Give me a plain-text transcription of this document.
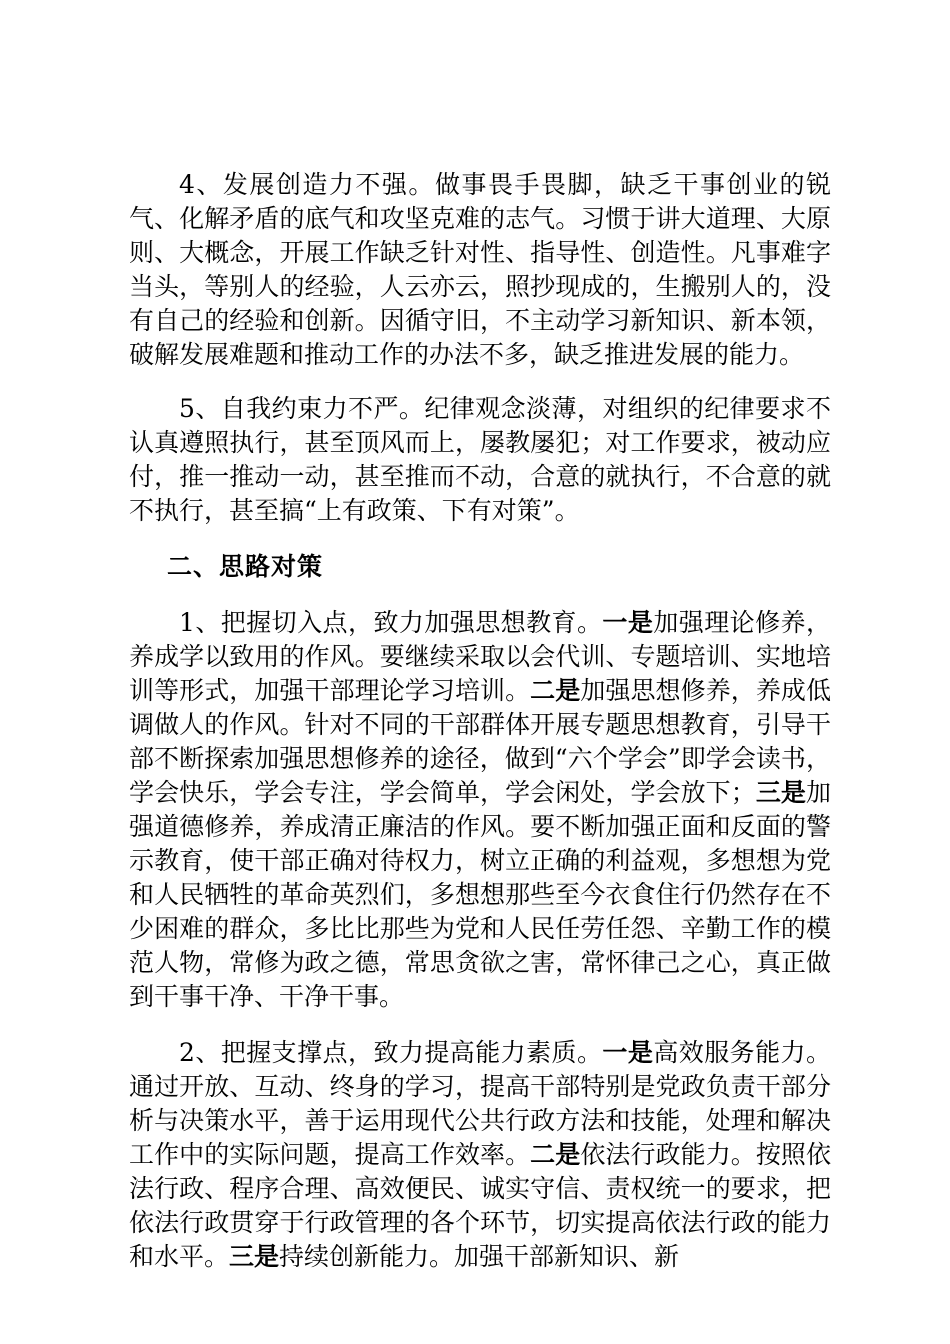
4、发展创造力不强。做事畏手畏脚，缺乏干事创业的锐气、化解矛盾的底气和攻坚克难的志气。习惯于讲大道理、大原则、大概念，开展工作缺乏针对性、指导性、创造性。凡事难字当头，等别人的经验，人云亦云，照抄现成的，生搬别人的，没有自己的经验和创新。因循守旧，不主动学习新知识、新本领，破解发展难题和推动工作的办法不多，缺乏推进发展的能力。

5、自我约束力不严。纪律观念淡薄，对组织的纪律要求不认真遵照执行，甚至顶风而上，屡教屡犯；对工作要求，被动应付，推一推动一动，甚至推而不动，合意的就执行，不合意的就不执行，甚至搞“上有政策、下有对策”。

二、思路对策

1、把握切入点，致力加强思想教育。一是加强理论修养，养成学以致用的作风。要继续采取以会代训、专题培训、实地培训等形式，加强干部理论学习培训。二是加强思想修养，养成低调做人的作风。针对不同的干部群体开展专题思想教育，引导干部不断探索加强思想修养的途径，做到“六个学会”即学会读书，学会快乐，学会专注，学会简单，学会闲处，学会放下；三是加强道德修养，养成清正廉洁的作风。要不断加强正面和反面的警示教育，使干部正确对待权力，树立正确的利益观，多想想为党和人民牺牲的革命英烈们，多想想那些至今衣食住行仍然存在不少困难的群众，多比比那些为党和人民任劳任怨、辛勤工作的模范人物，常修为政之德，常思贪欲之害，常怀律己之心，真正做到干事干净、干净干事。

2、把握支撑点，致力提高能力素质。一是高效服务能力。通过开放、互动、终身的学习，提高干部特别是党政负责干部分析与决策水平，善于运用现代公共行政方法和技能，处理和解决工作中的实际问题，提高工作效率。二是依法行政能力。按照依法行政、程序合理、高效便民、诚实守信、责权统一的要求，把依法行政贯穿于行政管理的各个环节，切实提高依法行政的能力和水平。三是持续创新能力。加强干部新知识、新
